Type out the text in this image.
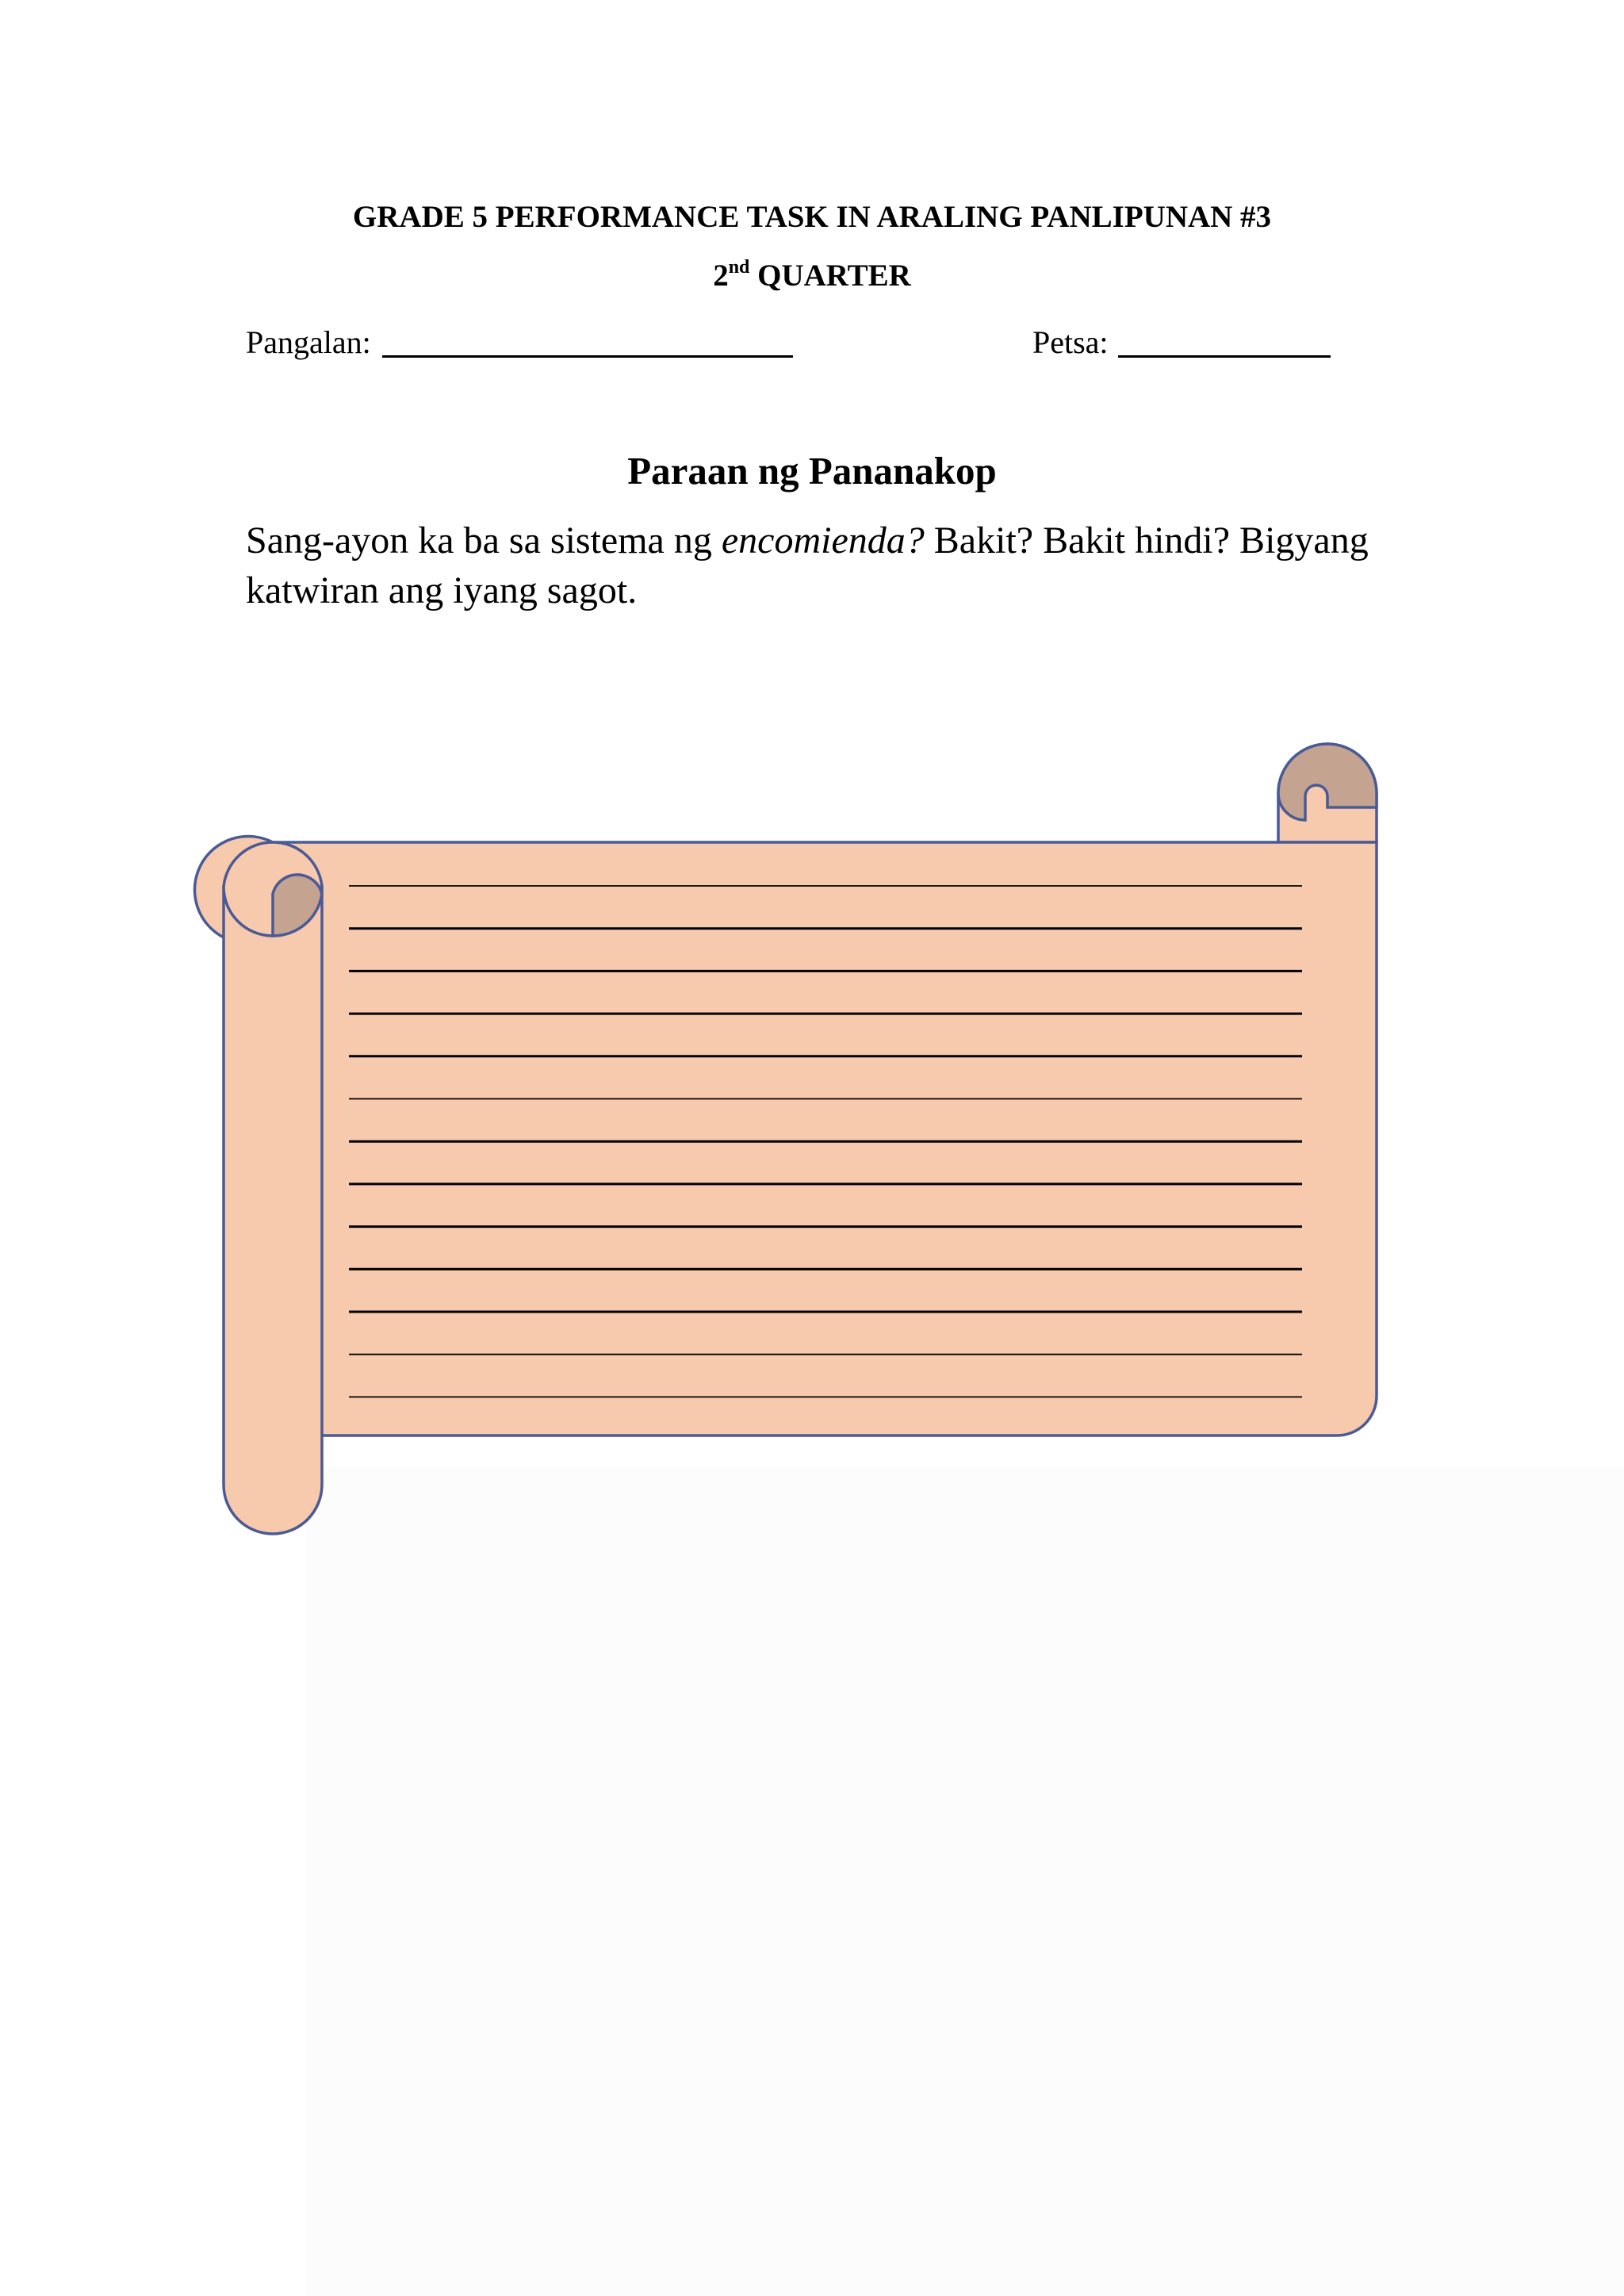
GRADE 5 PERFORMANCE TASK IN ARALING PANLIPUNAN #3
2nd QUARTER
Pangalan:	Petsa:
Paraan ng Pananakop

Sang-ayon ka ba sa sistema ng encomienda? Bakit? Bakit hindi? Bigyang

katwiran ang iyang sagot.
